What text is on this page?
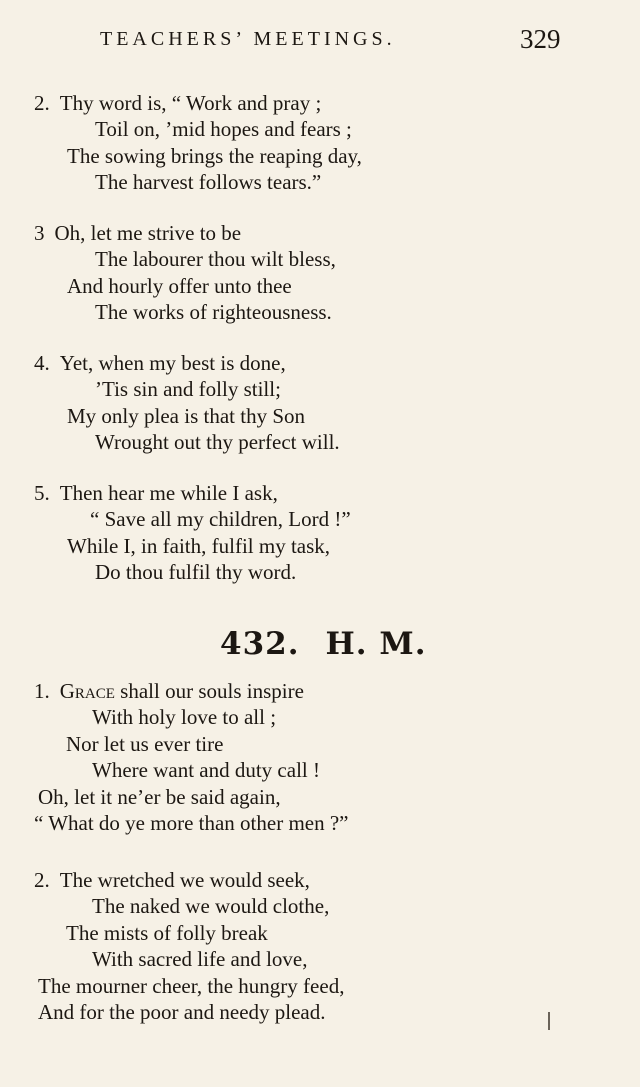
TEACHERS’ MEETINGS.	329
2. Thy word is, “ Work and pray ;
Toil on, ’mid hopes and fears ;
The sowing brings the reaping day,
The harvest follows tears.”
3 Oh, let me strive to be
The labourer thou wilt bless,
And hourly offer unto thee
The works of righteousness.
4. Yet, when my best is done,
’Tis sin and folly still;
My only plea is that thy Son
Wrought out thy perfect will.
5. Then hear me while I ask,
“ Save all my children, Lord !”
While I, in faith, fulfil my task,
Do thou fulfil thy word.
432. H. M.
1. Grace shall our souls inspire
With holy love to all ;
Nor let us ever tire
Where want and duty call !
Oh, let it ne’er be said again,
“ What do ye more than other men ?”
2. The wretched we would seek,
The naked we would clothe,
The mists of folly break
With sacred life and love,
The mourner cheer, the hungry feed,
And for the poor and needy plead.
